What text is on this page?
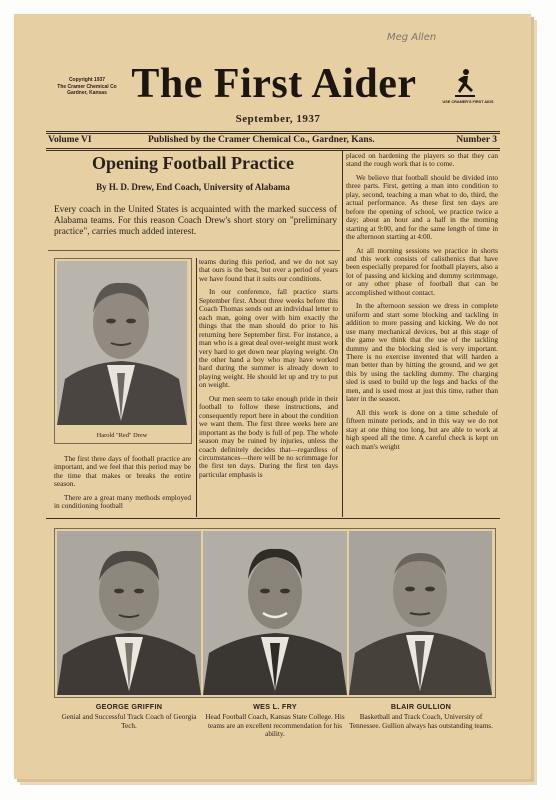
Meg Allen
Copyright 1937
The Cramer Chemical Co
Gardner, Kansas The First Aider	USE CRAMER'S FIRST AIDS
September, 1937
Volume VI	Published by the Cramer Chemical Co., Gardner, Kans.	Number 3
Opening Football Practice
By H. D. Drew, End Coach, University of Alabama
Every coach in the United States is acquainted with the marked success of Alabama teams. For this reason Coach Drew's short story on "preliminary practice", carries much added interest.
Harold "Red" Drew

The first three days of football practice are important, and we feel that this period may be the time that makes or breaks the entire season.

There are a great many methods employed in conditioning football

teams during this period, and we do not say that ours is the best, but over a period of years we have found that it suits our conditions.

In our conference, fall practice starts September first. About three weeks before this Coach Thomas sends out an individual letter to each man, going over with him exactly the things that the man should do prior to his returning here September first. For instance, a man who is a great deal over-weight must work very hard to get down near playing weight. On the other hand a boy who may have worked hard during the summer is already down to playing weight. He should let up and try to put on weight.

Our men seem to take enough pride in their football to follow these instructions, and consequently report here in about the condition we want them. The first three weeks here are important as the body is full of pep. The whole season may be ruined by injuries, unless the coach definitely decides that—regardless of circumstances—there will be no scrimmage for the first ten days. During the first ten days particular emphasis is

placed on hardening the players so that they can stand the rough work that is to come.

We believe that football should be divided into three parts. First, getting a man into condition to play, second, teaching a man what to do, third, the actual performance. As these first ten days are before the opening of school, we practice twice a day; about an hour and a half in the morning starting at 9:00, and for the same length of time in the afternoon starting at 4:00.

At all morning sessions we practice in shorts and this work consists of calisthenics that have been especially prepared for football players, also a lot of passing and kicking and dummy scrimmage, or any other phase of football that can be accomplished without contact.

In the afternoon session we dress in complete uniform and start some blocking and tackling in addition to more passing and kicking. We do not use many mechanical devices, but at this stage of the game we think that the use of the tackling dummy and the blocking sled is very important. There is no exercise invented that will harden a man better than by hitting the ground, and we get this by using the tackling dummy. The charging sled is used to build up the legs and backs of the men, and is used most at just this time, rather than later in the season.

All this work is done on a time schedule of fifteen minute periods, and in this way we do not stay at one thing too long, but are able to work at high speed all the time. A careful check is kept on each man's weight

GEORGE GRIFFIN
Genial and Successful Track Coach of Georgia Tech.
WES L. FRY
Head Football Coach, Kansas State College. His teams are an excellent recommendation for his ability.
BLAIR GULLION
Basketball and Track Coach, University of Tennessee. Gullion always has outstanding teams.
